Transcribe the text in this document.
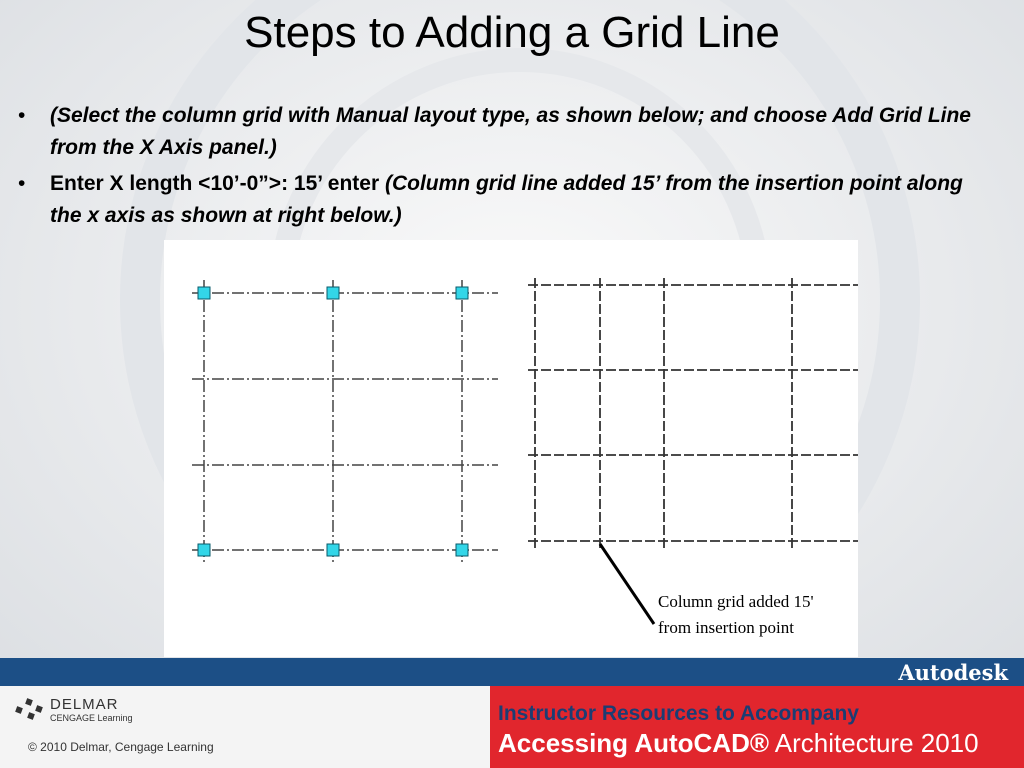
Steps to Adding a Grid Line
• (Select the column grid with Manual layout type, as shown below; and choose Add Grid Line from the X Axis panel.)
• Enter X length <10’-0”>: 15’ enter (Column grid line added 15’ from the insertion point along the x axis as shown at right below.)
Column grid added 15'
from insertion point
Autodesk
DELMAR
CENGAGE Learning
© 2010 Delmar, Cengage Learning
Instructor Resources to Accompany
Accessing AutoCAD® Architecture 2010
